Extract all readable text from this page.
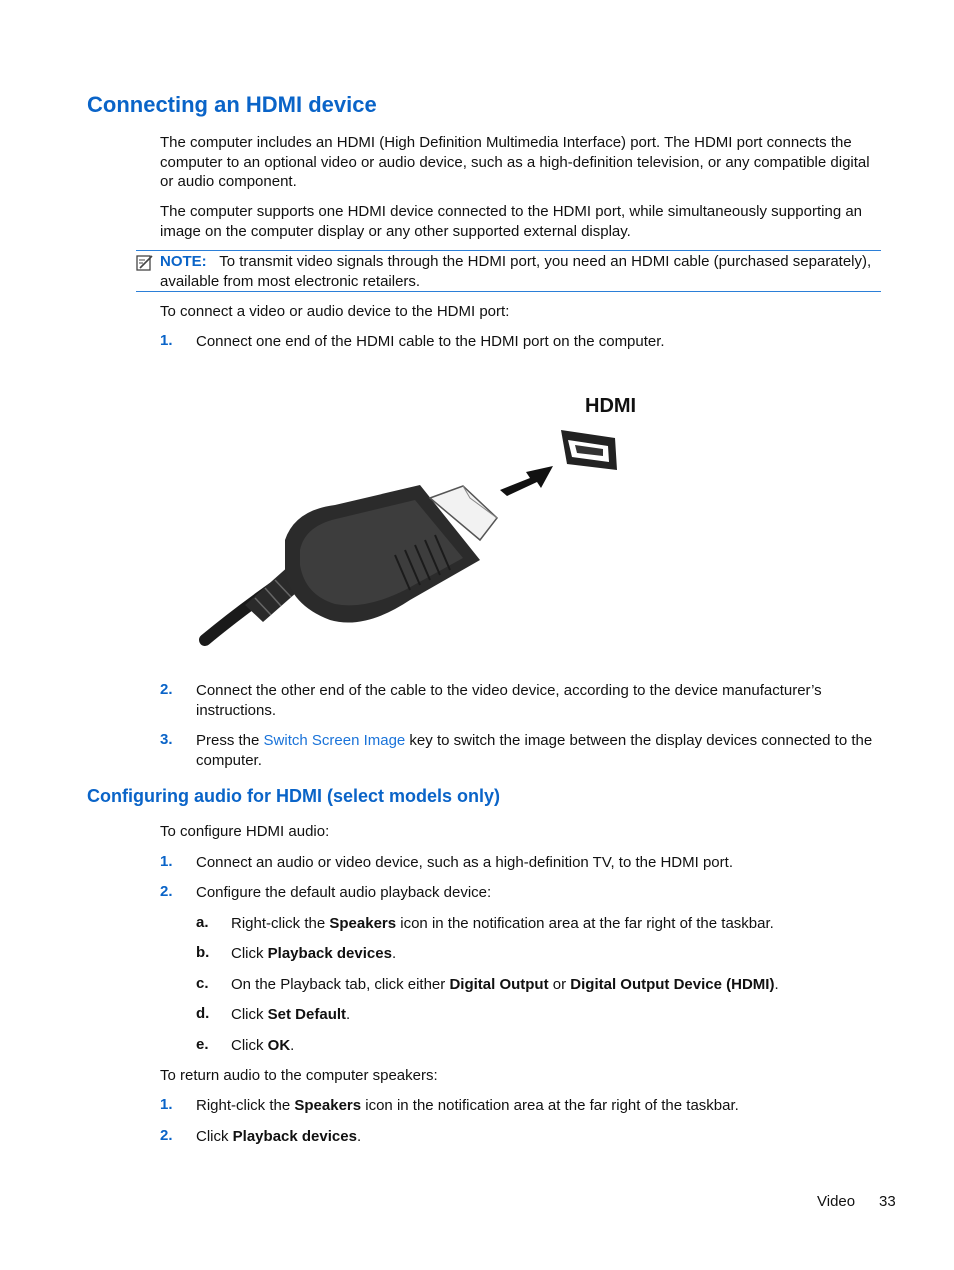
Connecting an HDMI device
The computer includes an HDMI (High Definition Multimedia Interface) port. The HDMI port connects the computer to an optional video or audio device, such as a high-definition television, or any compatible digital or audio component.
The computer supports one HDMI device connected to the HDMI port, while simultaneously supporting an image on the computer display or any other supported external display.
NOTE: To transmit video signals through the HDMI port, you need an HDMI cable (purchased separately), available from most electronic retailers.
To connect a video or audio device to the HDMI port:
1. Connect one end of the HDMI cable to the HDMI port on the computer.
HDMI
2. Connect the other end of the cable to the video device, according to the device manufacturer’s instructions.
3. Press the Switch Screen Image key to switch the image between the display devices connected to the computer.
Configuring audio for HDMI (select models only)
To configure HDMI audio:
1. Connect an audio or video device, such as a high-definition TV, to the HDMI port.
2. Configure the default audio playback device:
a. Right-click the Speakers icon in the notification area at the far right of the taskbar.
b. Click Playback devices.
c. On the Playback tab, click either Digital Output or Digital Output Device (HDMI).
d. Click Set Default.
e. Click OK.
To return audio to the computer speakers:
1. Right-click the Speakers icon in the notification area at the far right of the taskbar.
2. Click Playback devices.
Video 33
